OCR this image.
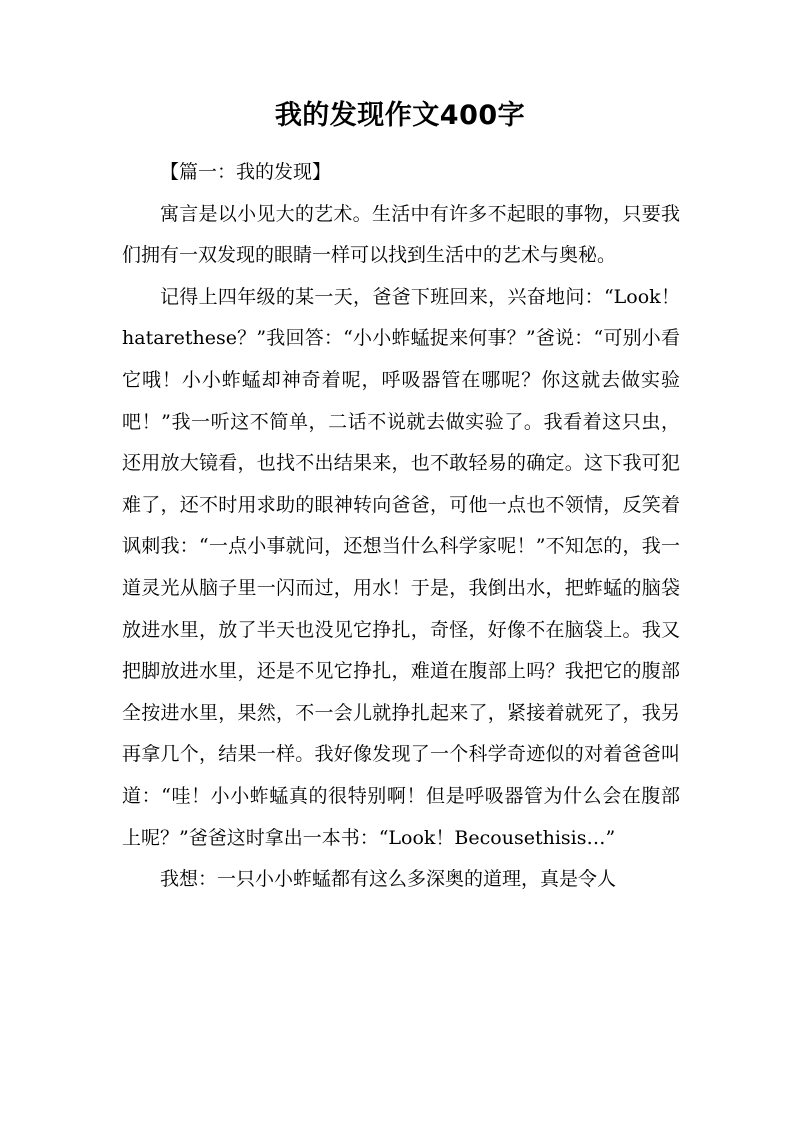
我的发现作文400字

【篇一：我的发现】

寓言是以小见大的艺术。生活中有许多不起眼的事物，只要我们拥有一双发现的眼睛一样可以找到生活中的艺术与奥秘。

记得上四年级的某一天，爸爸下班回来，兴奋地问：“Look！hatarethese？”我回答：“小小蚱蜢捉来何事？”爸说：“可别小看它哦！小小蚱蜢却神奇着呢，呼吸器管在哪呢？你这就去做实验吧！”我一听这不简单，二话不说就去做实验了。我看着这只虫，还用放大镜看，也找不出结果来，也不敢轻易的确定。这下我可犯难了，还不时用求助的眼神转向爸爸，可他一点也不领情，反笑着讽刺我：“一点小事就问，还想当什么科学家呢！”不知怎的，我一道灵光从脑子里一闪而过，用水！于是，我倒出水，把蚱蜢的脑袋放进水里，放了半天也没见它挣扎，奇怪，好像不在脑袋上。我又把脚放进水里，还是不见它挣扎，难道在腹部上吗？我把它的腹部全按进水里，果然，不一会儿就挣扎起来了，紧接着就死了，我另再拿几个，结果一样。我好像发现了一个科学奇迹似的对着爸爸叫道：“哇！小小蚱蜢真的很特别啊！但是呼吸器管为什么会在腹部上呢？”爸爸这时拿出一本书：“Look！Becousethisis…”

我想：一只小小蚱蜢都有这么多深奥的道理，真是令人
